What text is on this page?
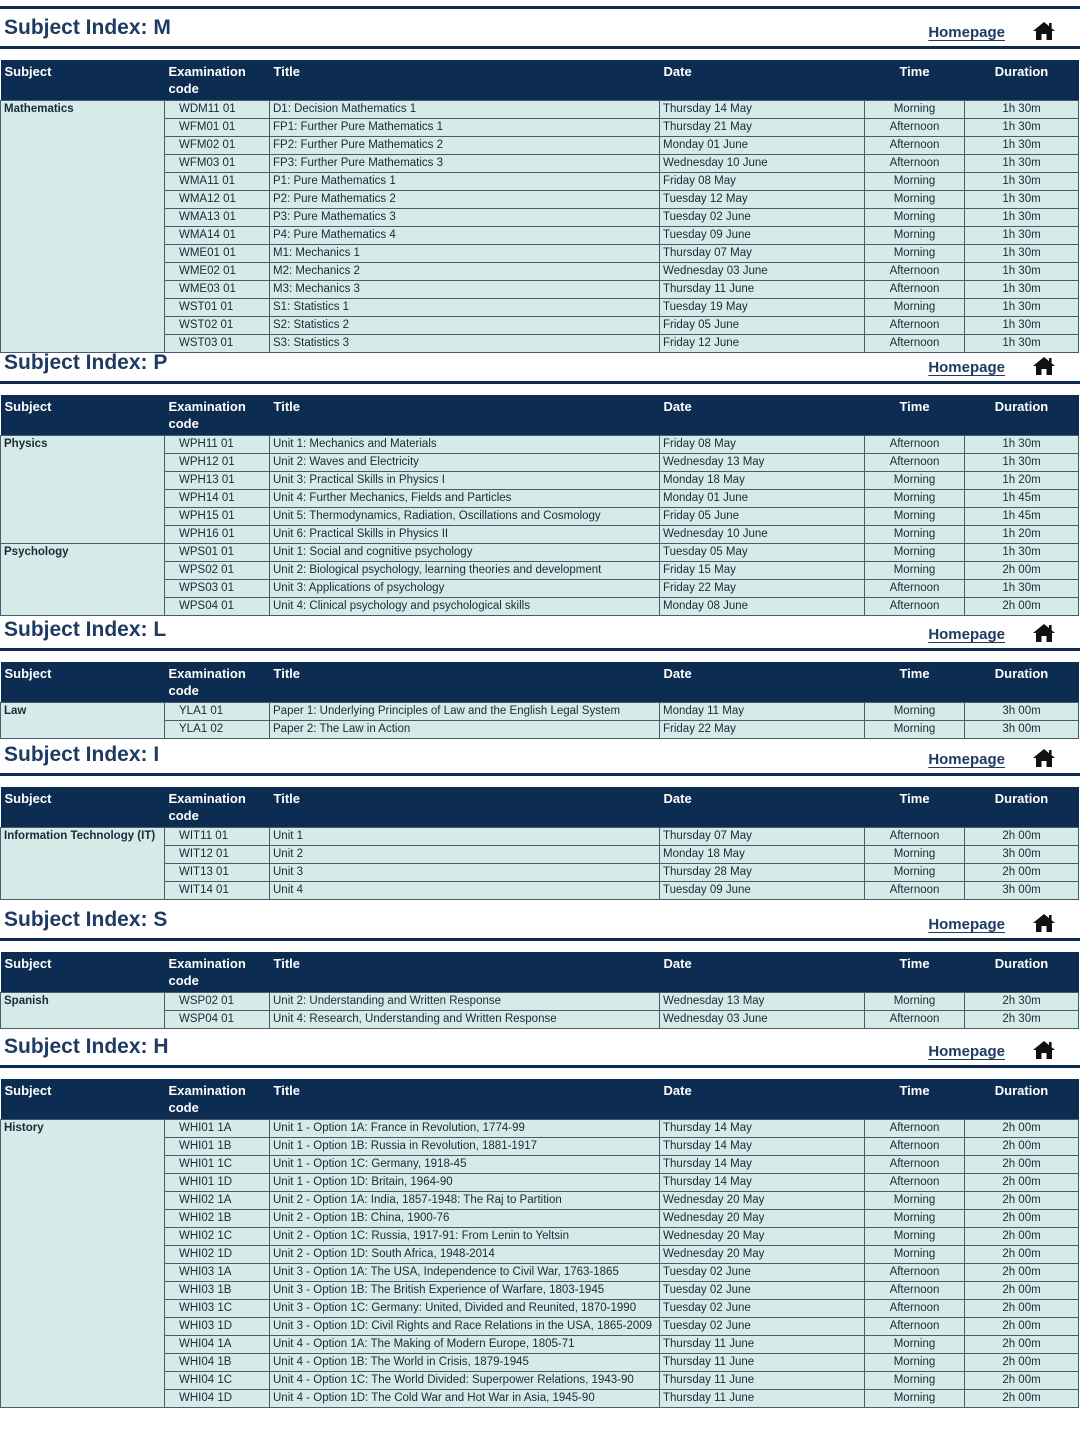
Subject Index: M	Homepage
Subject	Examination code	Title	Date	Time	Duration
Mathematics	WDM11 01	D1: Decision Mathematics 1	Thursday 14 May	Morning	1h 30m
	WFM01 01	FP1: Further Pure Mathematics 1	Thursday 21 May	Afternoon	1h 30m
	WFM02 01	FP2: Further Pure Mathematics 2	Monday 01 June	Afternoon	1h 30m
	WFM03 01	FP3: Further Pure Mathematics 3	Wednesday 10 June	Afternoon	1h 30m
	WMA11 01	P1: Pure Mathematics 1	Friday 08 May	Morning	1h 30m
	WMA12 01	P2: Pure Mathematics 2	Tuesday 12 May	Morning	1h 30m
	WMA13 01	P3: Pure Mathematics 3	Tuesday 02 June	Morning	1h 30m
	WMA14 01	P4: Pure Mathematics 4	Tuesday 09 June	Morning	1h 30m
	WME01 01	M1: Mechanics 1	Thursday 07 May	Morning	1h 30m
	WME02 01	M2: Mechanics 2	Wednesday 03 June	Afternoon	1h 30m
	WME03 01	M3: Mechanics 3	Thursday 11 June	Afternoon	1h 30m
	WST01 01	S1: Statistics 1	Tuesday 19 May	Morning	1h 30m
	WST02 01	S2: Statistics 2	Friday 05 June	Afternoon	1h 30m
	WST03 01	S3: Statistics 3	Friday 12 June	Afternoon	1h 30m
Subject Index: P	Homepage
Subject	Examination code	Title	Date	Time	Duration
Physics	WPH11 01	Unit 1: Mechanics and Materials	Friday 08 May	Afternoon	1h 30m
	WPH12 01	Unit 2: Waves and Electricity	Wednesday 13 May	Afternoon	1h 30m
	WPH13 01	Unit 3: Practical Skills in Physics I	Monday 18 May	Morning	1h 20m
	WPH14 01	Unit 4: Further Mechanics, Fields and Particles	Monday 01 June	Morning	1h 45m
	WPH15 01	Unit 5: Thermodynamics, Radiation, Oscillations and Cosmology	Friday 05 June	Morning	1h 45m
	WPH16 01	Unit 6: Practical Skills in Physics II	Wednesday 10 June	Morning	1h 20m
Psychology	WPS01 01	Unit 1: Social and cognitive psychology	Tuesday 05 May	Morning	1h 30m
	WPS02 01	Unit 2: Biological psychology, learning theories and development	Friday 15 May	Morning	2h 00m
	WPS03 01	Unit 3: Applications of psychology	Friday 22 May	Afternoon	1h 30m
	WPS04 01	Unit 4: Clinical psychology and psychological skills	Monday 08 June	Afternoon	2h 00m
Subject Index: L	Homepage
Subject	Examination code	Title	Date	Time	Duration
Law	YLA1 01	Paper 1: Underlying Principles of Law and the English Legal System	Monday 11 May	Morning	3h 00m
	YLA1 02	Paper 2: The Law in Action	Friday 22 May	Morning	3h 00m
Subject Index: I	Homepage
Subject	Examination code	Title	Date	Time	Duration
Information Technology (IT)	WIT11 01	Unit 1	Thursday 07 May	Afternoon	2h 00m
	WIT12 01	Unit 2	Monday 18 May	Morning	3h 00m
	WIT13 01	Unit 3	Thursday 28 May	Morning	2h 00m
	WIT14 01	Unit 4	Tuesday 09 June	Afternoon	3h 00m
Subject Index: S	Homepage
Subject	Examination code	Title	Date	Time	Duration
Spanish	WSP02 01	Unit 2: Understanding and Written Response	Wednesday 13 May	Morning	2h 30m
	WSP04 01	Unit 4: Research, Understanding and Written Response	Wednesday 03 June	Afternoon	2h 30m
Subject Index: H	Homepage
Subject	Examination code	Title	Date	Time	Duration
History	WHI01 1A	Unit 1 - Option 1A: France in Revolution, 1774-99	Thursday 14 May	Afternoon	2h 00m
	WHI01 1B	Unit 1 - Option 1B: Russia in Revolution, 1881-1917	Thursday 14 May	Afternoon	2h 00m
	WHI01 1C	Unit 1 - Option 1C: Germany, 1918-45	Thursday 14 May	Afternoon	2h 00m
	WHI01 1D	Unit 1 - Option 1D: Britain, 1964-90	Thursday 14 May	Afternoon	2h 00m
	WHI02 1A	Unit 2 - Option 1A: India, 1857-1948: The Raj to Partition	Wednesday 20 May	Morning	2h 00m
	WHI02 1B	Unit 2 - Option 1B: China, 1900-76	Wednesday 20 May	Morning	2h 00m
	WHI02 1C	Unit 2 - Option 1C: Russia, 1917-91: From Lenin to Yeltsin	Wednesday 20 May	Morning	2h 00m
	WHI02 1D	Unit 2 - Option 1D: South Africa, 1948-2014	Wednesday 20 May	Morning	2h 00m
	WHI03 1A	Unit 3 - Option 1A: The USA, Independence to Civil War, 1763-1865	Tuesday 02 June	Afternoon	2h 00m
	WHI03 1B	Unit 3 - Option 1B: The British Experience of Warfare, 1803-1945	Tuesday 02 June	Afternoon	2h 00m
	WHI03 1C	Unit 3 - Option 1C: Germany: United, Divided and Reunited, 1870-1990	Tuesday 02 June	Afternoon	2h 00m
	WHI03 1D	Unit 3 - Option 1D: Civil Rights and Race Relations in the USA, 1865-2009	Tuesday 02 June	Afternoon	2h 00m
	WHI04 1A	Unit 4 - Option 1A: The Making of Modern Europe, 1805-71	Thursday 11 June	Morning	2h 00m
	WHI04 1B	Unit 4 - Option 1B: The World in Crisis, 1879-1945	Thursday 11 June	Morning	2h 00m
	WHI04 1C	Unit 4 - Option 1C: The World Divided: Superpower Relations, 1943-90	Thursday 11 June	Morning	2h 00m
	WHI04 1D	Unit 4 - Option 1D: The Cold War and Hot War in Asia, 1945-90	Thursday 11 June	Morning	2h 00m
